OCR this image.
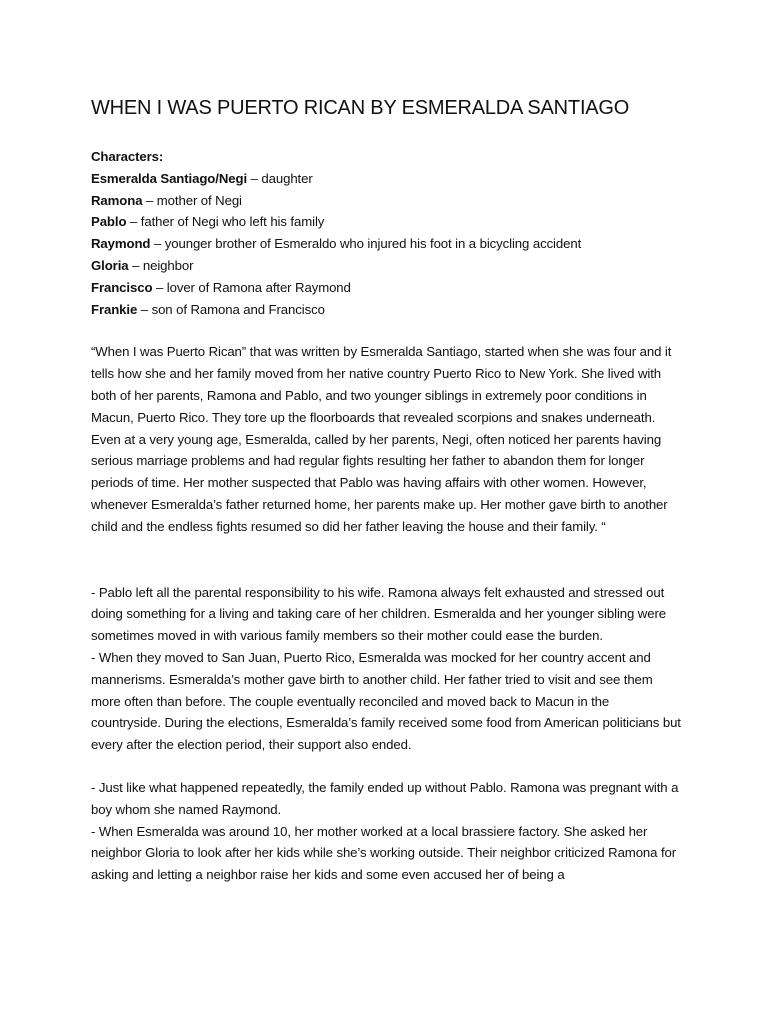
WHEN I WAS PUERTO RICAN BY ESMERALDA SANTIAGO
Characters:
Esmeralda Santiago/Negi – daughter
Ramona – mother of Negi
Pablo – father of Negi who left his family
Raymond – younger brother of Esmeraldo who injured his foot in a bicycling accident
Gloria – neighbor
Francisco – lover of Ramona after Raymond
Frankie – son of Ramona and Francisco

“When I was Puerto Rican” that was written by Esmeralda Santiago, started when she was four and it tells how she and her family moved from her native country Puerto Rico to New York. She lived with both of her parents, Ramona and Pablo, and two younger siblings in extremely poor conditions in Macun, Puerto Rico. They tore up the floorboards that revealed scorpions and snakes underneath. Even at a very young age, Esmeralda, called by her parents, Negi, often noticed her parents having serious marriage problems and had regular fights resulting her father to abandon them for longer periods of time. Her mother suspected that Pablo was having affairs with other women. However, whenever Esmeralda’s father returned home, her parents make up. Her mother gave birth to another child and the endless fights resumed so did her father leaving the house and their family. “

- Pablo left all the parental responsibility to his wife. Ramona always felt exhausted and stressed out doing something for a living and taking care of her children. Esmeralda and her younger sibling were sometimes moved in with various family members so their mother could ease the burden.

- When they moved to San Juan, Puerto Rico, Esmeralda was mocked for her country accent and mannerisms. Esmeralda’s mother gave birth to another child. Her father tried to visit and see them more often than before. The couple eventually reconciled and moved back to Macun in the countryside. During the elections, Esmeralda’s family received some food from American politicians but every after the election period, their support also ended.

- Just like what happened repeatedly, the family ended up without Pablo. Ramona was pregnant with a boy whom she named Raymond.

- When Esmeralda was around 10, her mother worked at a local brassiere factory. She asked her neighbor Gloria to look after her kids while she’s working outside. Their neighbor criticized Ramona for asking and letting a neighbor raise her kids and some even accused her of being a
